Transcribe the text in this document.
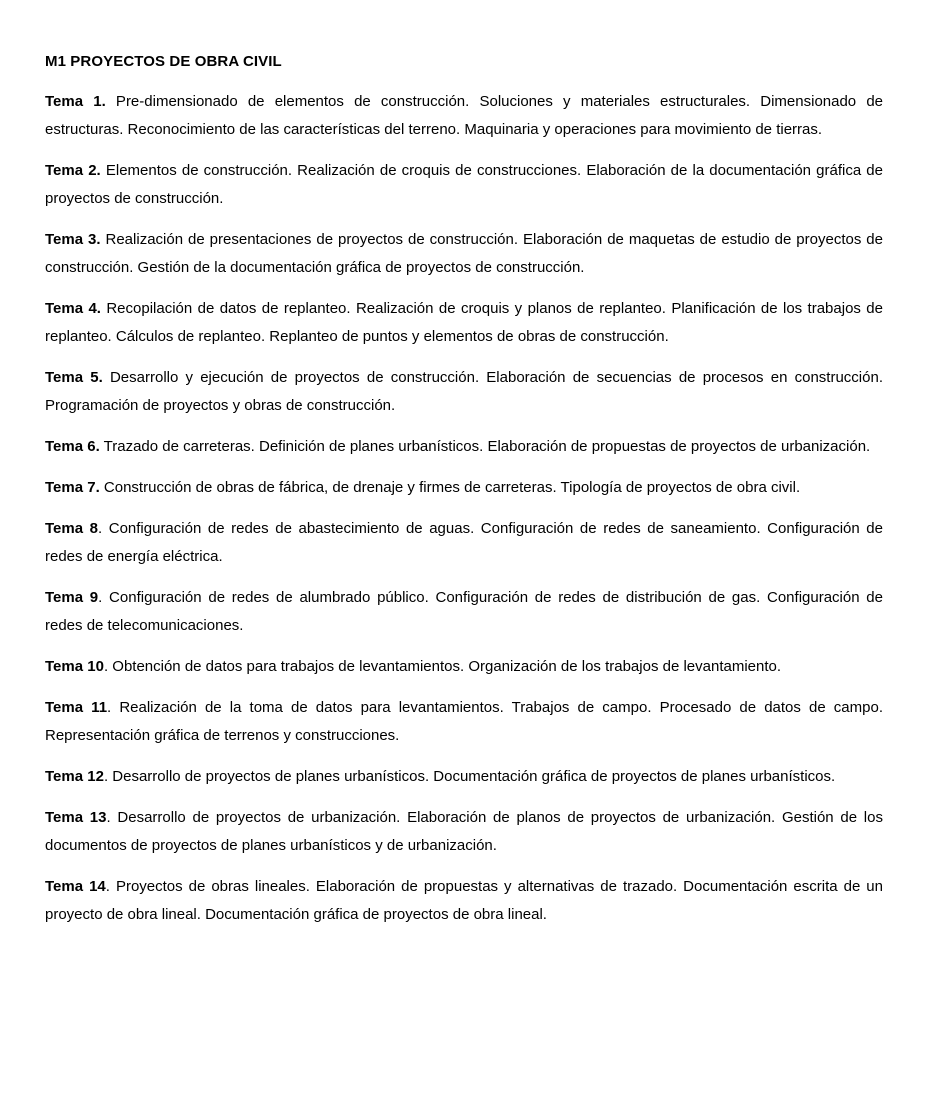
M1 PROYECTOS DE OBRA CIVIL

Tema 1. Pre-dimensionado de elementos de construcción. Soluciones y materiales estructurales. Dimensionado de estructuras. Reconocimiento de las características del terreno. Maquinaria y operaciones para movimiento de tierras.

Tema 2. Elementos de construcción. Realización de croquis de construcciones. Elaboración de la documentación gráfica de proyectos de construcción.

Tema 3. Realización de presentaciones de proyectos de construcción. Elaboración de maquetas de estudio de proyectos de construcción. Gestión de la documentación gráfica de proyectos de construcción.

Tema 4. Recopilación de datos de replanteo. Realización de croquis y planos de replanteo. Planificación de los trabajos de replanteo. Cálculos de replanteo. Replanteo de puntos y elementos de obras de construcción.

Tema 5. Desarrollo y ejecución de proyectos de construcción. Elaboración de secuencias de procesos en construcción. Programación de proyectos y obras de construcción.

Tema 6. Trazado de carreteras. Definición de planes urbanísticos. Elaboración de propuestas de proyectos de urbanización.

Tema 7. Construcción de obras de fábrica, de drenaje y firmes de carreteras. Tipología de proyectos de obra civil.

Tema 8. Configuración de redes de abastecimiento de aguas. Configuración de redes de saneamiento. Configuración de redes de energía eléctrica.

Tema 9. Configuración de redes de alumbrado público. Configuración de redes de distribución de gas. Configuración de redes de telecomunicaciones.

Tema 10. Obtención de datos para trabajos de levantamientos. Organización de los trabajos de levantamiento.

Tema 11. Realización de la toma de datos para levantamientos. Trabajos de campo. Procesado de datos de campo. Representación gráfica de terrenos y construcciones.

Tema 12. Desarrollo de proyectos de planes urbanísticos. Documentación gráfica de proyectos de planes urbanísticos.

Tema 13. Desarrollo de proyectos de urbanización. Elaboración de planos de proyectos de urbanización. Gestión de los documentos de proyectos de planes urbanísticos y de urbanización.

Tema 14. Proyectos de obras lineales. Elaboración de propuestas y alternativas de trazado. Documentación escrita de un proyecto de obra lineal. Documentación gráfica de proyectos de obra lineal.
